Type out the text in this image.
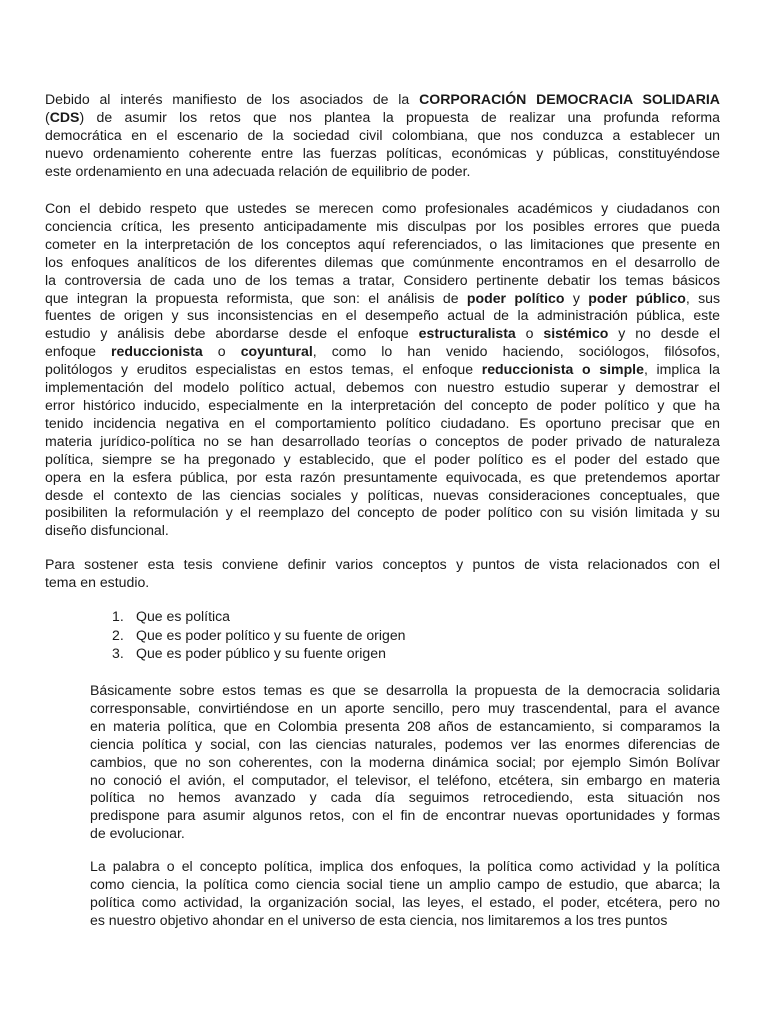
Debido al interés manifiesto de los asociados de la CORPORACIÓN DEMOCRACIA SOLIDARIA
(CDS) de asumir los retos que nos plantea la propuesta de realizar una profunda reforma
democrática en el escenario de la sociedad civil colombiana, que nos conduzca a establecer un
nuevo ordenamiento coherente entre las fuerzas políticas, económicas y públicas, constituyéndose
este ordenamiento en una adecuada relación de equilibrio de poder.
Con el debido respeto que ustedes se merecen como profesionales académicos y ciudadanos con
conciencia crítica, les presento anticipadamente mis disculpas por los posibles errores que pueda
cometer en la interpretación de los conceptos aquí referenciados, o las limitaciones que presente en
los enfoques analíticos de los diferentes dilemas que comúnmente encontramos en el desarrollo de
la controversia de cada uno de los temas a tratar, Considero pertinente debatir los temas básicos
que integran la propuesta reformista, que son: el análisis de poder político y poder público, sus
fuentes de origen y sus inconsistencias en el desempeño actual de la administración pública, este
estudio y análisis debe abordarse desde el enfoque estructuralista o sistémico y no desde el
enfoque reduccionista o coyuntural, como lo han venido haciendo, sociólogos, filósofos,
politólogos y eruditos especialistas en estos temas, el enfoque reduccionista o simple, implica la
implementación del modelo político actual, debemos con nuestro estudio superar y demostrar el
error histórico inducido, especialmente en la interpretación del concepto de poder político y que ha
tenido incidencia negativa en el comportamiento político ciudadano. Es oportuno precisar que en
materia jurídico-política no se han desarrollado teorías o conceptos de poder privado de naturaleza
política, siempre se ha pregonado y establecido, que el poder político es el poder del estado que
opera en la esfera pública, por esta razón presuntamente equivocada, es que pretendemos aportar
desde el contexto de las ciencias sociales y políticas, nuevas consideraciones conceptuales, que
posibiliten la reformulación y el reemplazo del concepto de poder político con su visión limitada y su
diseño disfuncional.
Para sostener esta tesis conviene definir varios conceptos y puntos de vista relacionados con el
tema en estudio.
1. Que es política
2. Que es poder político y su fuente de origen
3. Que es poder público y su fuente origen
Básicamente sobre estos temas es que se desarrolla la propuesta de la democracia solidaria
corresponsable, convirtiéndose en un aporte sencillo, pero muy trascendental, para el avance
en materia política, que en Colombia presenta 208 años de estancamiento, si comparamos la
ciencia política y social, con las ciencias naturales, podemos ver las enormes diferencias de
cambios, que no son coherentes, con la moderna dinámica social; por ejemplo Simón Bolívar
no conoció el avión, el computador, el televisor, el teléfono, etcétera, sin embargo en materia
política no hemos avanzado y cada día seguimos retrocediendo, esta situación nos
predispone para asumir algunos retos, con el fin de encontrar nuevas oportunidades y formas
de evolucionar.
La palabra o el concepto política, implica dos enfoques, la política como actividad y la política
como ciencia, la política como ciencia social tiene un amplio campo de estudio, que abarca; la
política como actividad, la organización social, las leyes, el estado, el poder, etcétera, pero no
es nuestro objetivo ahondar en el universo de esta ciencia, nos limitaremos a los tres puntos
